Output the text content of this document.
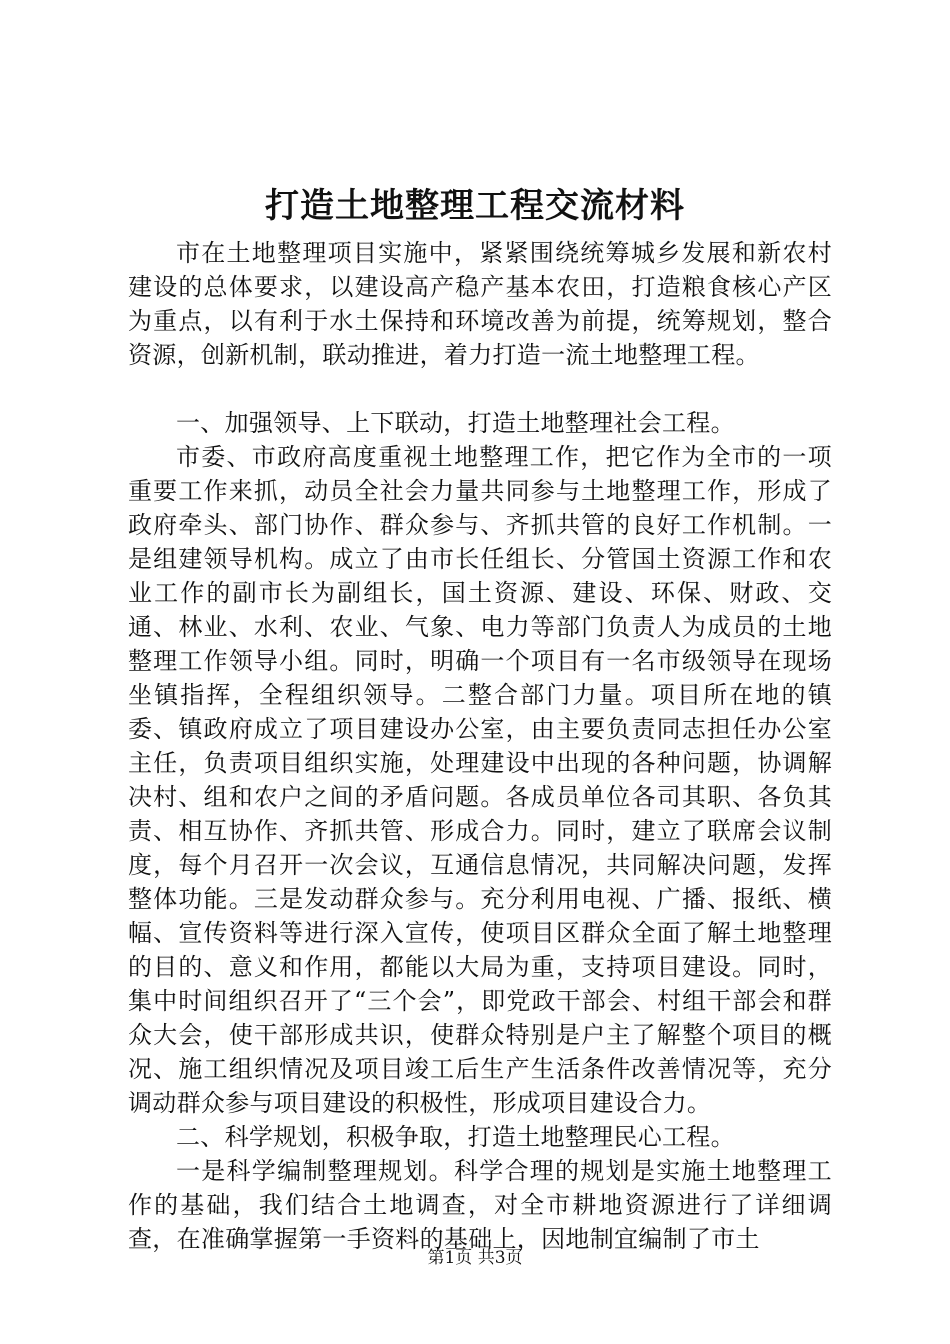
打造土地整理工程交流材料

市在土地整理项目实施中，紧紧围绕统筹城乡发展和新农村建设的总体要求，以建设高产稳产基本农田，打造粮食核心产区为重点，以有利于水土保持和环境改善为前提，统筹规划，整合资源，创新机制，联动推进，着力打造一流土地整理工程。

一、加强领导、上下联动，打造土地整理社会工程。

市委、市政府高度重视土地整理工作，把它作为全市的一项重要工作来抓，动员全社会力量共同参与土地整理工作，形成了政府牵头、部门协作、群众参与、齐抓共管的良好工作机制。一是组建领导机构。成立了由市长任组长、分管国土资源工作和农业工作的副市长为副组长，国土资源、建设、环保、财政、交通、林业、水利、农业、气象、电力等部门负责人为成员的土地整理工作领导小组。同时，明确一个项目有一名市级领导在现场坐镇指挥，全程组织领导。二整合部门力量。项目所在地的镇委、镇政府成立了项目建设办公室，由主要负责同志担任办公室主任，负责项目组织实施，处理建设中出现的各种问题，协调解决村、组和农户之间的矛盾问题。各成员单位各司其职、各负其责、相互协作、齐抓共管、形成合力。同时，建立了联席会议制度，每个月召开一次会议，互通信息情况，共同解决问题，发挥整体功能。三是发动群众参与。充分利用电视、广播、报纸、横幅、宣传资料等进行深入宣传，使项目区群众全面了解土地整理的目的、意义和作用，都能以大局为重，支持项目建设。同时，集中时间组织召开了“三个会”，即党政干部会、村组干部会和群众大会，使干部形成共识，使群众特别是户主了解整个项目的概况、施工组织情况及项目竣工后生产生活条件改善情况等，充分调动群众参与项目建设的积极性，形成项目建设合力。

二、科学规划，积极争取，打造土地整理民心工程。

一是科学编制整理规划。科学合理的规划是实施土地整理工作的基础，我们结合土地调查，对全市耕地资源进行了详细调查，在准确掌握第一手资料的基础上，因地制宜编制了市土

第1页 共3页
